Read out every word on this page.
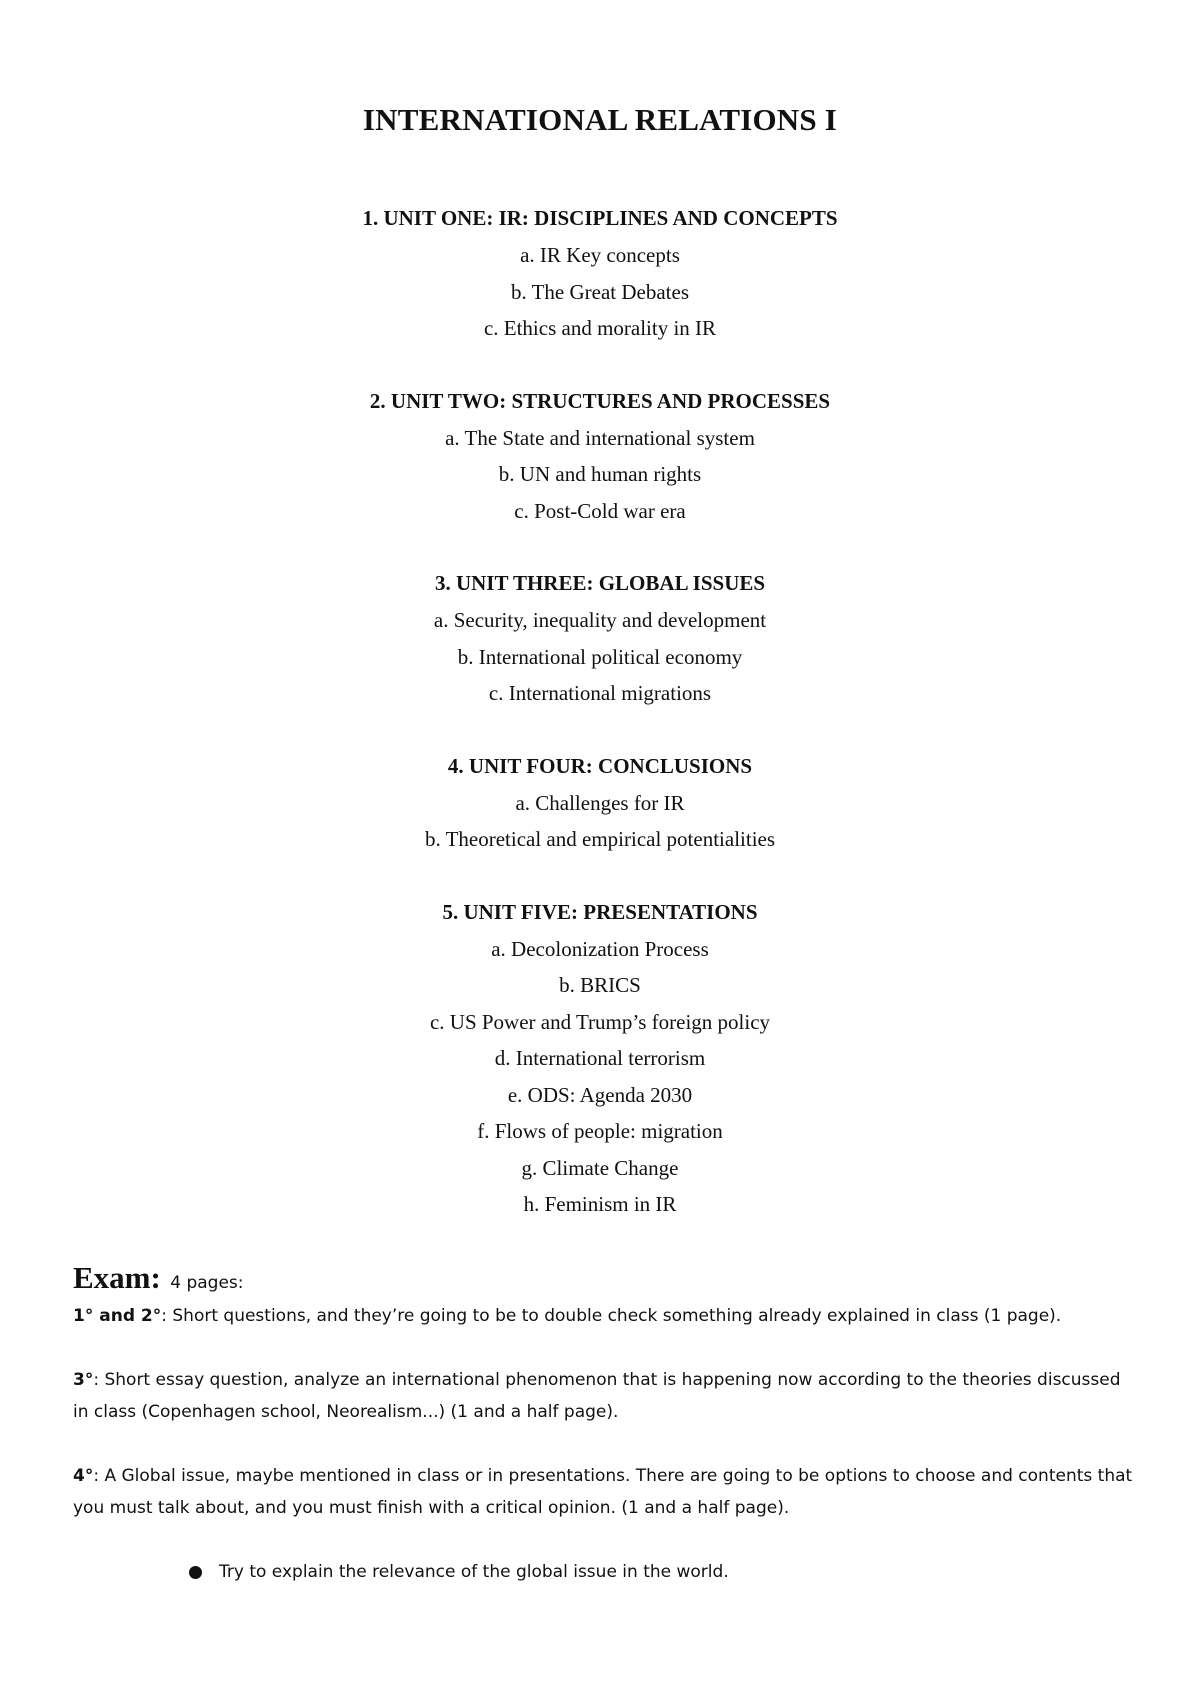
INTERNATIONAL RELATIONS I
1. UNIT ONE: IR: DISCIPLINES AND CONCEPTS
a. IR Key concepts
b. The Great Debates
c. Ethics and morality in IR
2. UNIT TWO: STRUCTURES AND PROCESSES
a. The State and international system
b. UN and human rights
c. Post-Cold war era
3. UNIT THREE: GLOBAL ISSUES
a. Security, inequality and development
b. International political economy
c. International migrations
4. UNIT FOUR: CONCLUSIONS
a. Challenges for IR
b. Theoretical and empirical potentialities
5. UNIT FIVE: PRESENTATIONS
a. Decolonization Process
b. BRICS
c. US Power and Trump’s foreign policy
d. International terrorism
e. ODS: Agenda 2030
f. Flows of people: migration
g. Climate Change
h. Feminism in IR
Exam: 4 pages:
1° and 2°: Short questions, and they’re going to be to double check something already explained in class (1 page).
3°: Short essay question, analyze an international phenomenon that is happening now according to the theories discussed in class (Copenhagen school, Neorealism...) (1 and a half page).
4°: A Global issue, maybe mentioned in class or in presentations. There are going to be options to choose and contents that you must talk about, and you must finish with a critical opinion. (1 and a half page).
Try to explain the relevance of the global issue in the world.
